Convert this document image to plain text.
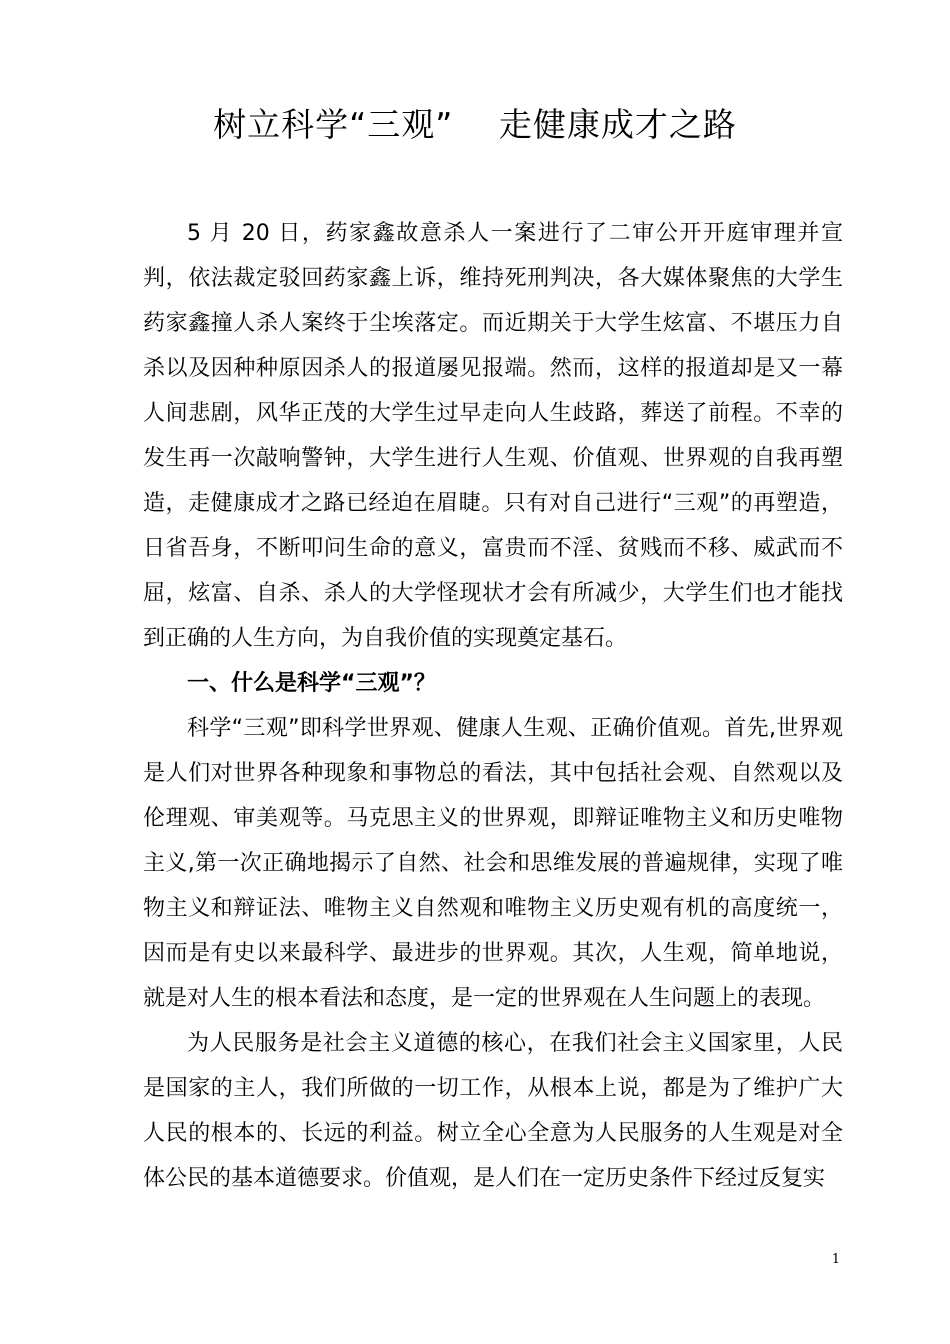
树立科学“三观”　 走健康成才之路

5 月 20 日，药家鑫故意杀人一案进行了二审公开开庭审理并宣判，依法裁定驳回药家鑫上诉，维持死刑判决，各大媒体聚焦的大学生药家鑫撞人杀人案终于尘埃落定。而近期关于大学生炫富、不堪压力自杀以及因种种原因杀人的报道屡见报端。然而，这样的报道却是又一幕人间悲剧，风华正茂的大学生过早走向人生歧路，葬送了前程。不幸的发生再一次敲响警钟，大学生进行人生观、价值观、世界观的自我再塑造，走健康成才之路已经迫在眉睫。只有对自己进行“三观”的再塑造，日省吾身，不断叩问生命的意义，富贵而不淫、贫贱而不移、威武而不屈，炫富、自杀、杀人的大学怪现状才会有所减少，大学生们也才能找到正确的人生方向，为自我价值的实现奠定基石。

一、什么是科学“三观”？

科学“三观”即科学世界观、健康人生观、正确价值观。首先,世界观是人们对世界各种现象和事物总的看法，其中包括社会观、自然观以及伦理观、审美观等。马克思主义的世界观，即辩证唯物主义和历史唯物主义,第一次正确地揭示了自然、社会和思维发展的普遍规律，实现了唯物主义和辩证法、唯物主义自然观和唯物主义历史观有机的高度统一，因而是有史以来最科学、最进步的世界观。其次，人生观，简单地说，就是对人生的根本看法和态度，是一定的世界观在人生问题上的表现。

为人民服务是社会主义道德的核心，在我们社会主义国家里，人民是国家的主人，我们所做的一切工作，从根本上说，都是为了维护广大人民的根本的、长远的利益。树立全心全意为人民服务的人生观是对全体公民的基本道德要求。价值观，是人们在一定历史条件下经过反复实

1
